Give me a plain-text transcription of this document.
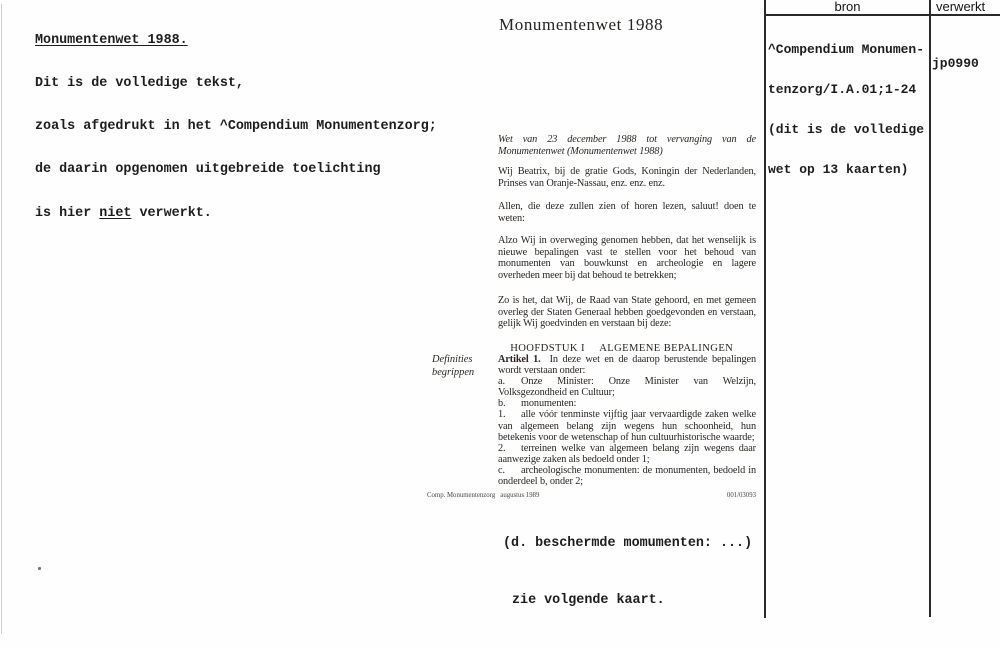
Monumentenwet 1988.

Dit is de volledige tekst,

zoals afgedrukt in het ^Compendium Monumentenzorg;

de daarin opgenomen uitgebreide toelichting

is hier niet verwerkt.

Monumentenwet 1988
bron	verwerkt

^Compendium Monumen-

tenzorg/I.A.01;1-24

(dit is de volledige

wet op 13 kaarten)

jp0990

Wet van 23 december 1988 tot vervanging van de Monumentenwet (Monumentenwet 1988)

Wij Beatrix, bij de gratie Gods, Koningin der Nederlanden, Prinses van Oranje-Nassau, enz. enz. enz.

Allen, die deze zullen zien of horen lezen, saluut! doen te weten:

Alzo Wij in overweging genomen hebben, dat het wenselijk is nieuwe bepalingen vast te stellen voor het behoud van monumenten van bouwkunst en archeologie en lagere overheden meer bij dat behoud te betrekken;

Zo is het, dat Wij, de Raad van State gehoord, en met gemeen overleg der Staten Generaal hebben goedgevonden en verstaan, gelijk Wij goedvinden en verstaan bij deze:

HOOFDSTUK I ALGEMENE BEPALINGEN

Definities
begrippen

Artikel 1. In deze wet en de daarop berustende bepalingen wordt verstaan onder:

a. Onze Minister: Onze Minister van Welzijn, Volksgezondheid en Cultuur;

b. monumenten:

1. alle vóór tenminste vijftig jaar vervaardigde zaken welke van algemeen belang zijn wegens hun schoonheid, hun betekenis voor de wetenschap of hun cultuurhistorische waarde;

2. terreinen welke van algemeen belang zijn wegens daar aanwezige zaken als bedoeld onder 1;

c. archeologische monumenten: de monumenten, bedoeld in onderdeel b, onder 2;

Comp. Monumentenzorg   augustus 1989	001/03093

(d. beschermde momumenten: ...)

zie volgende kaart.
